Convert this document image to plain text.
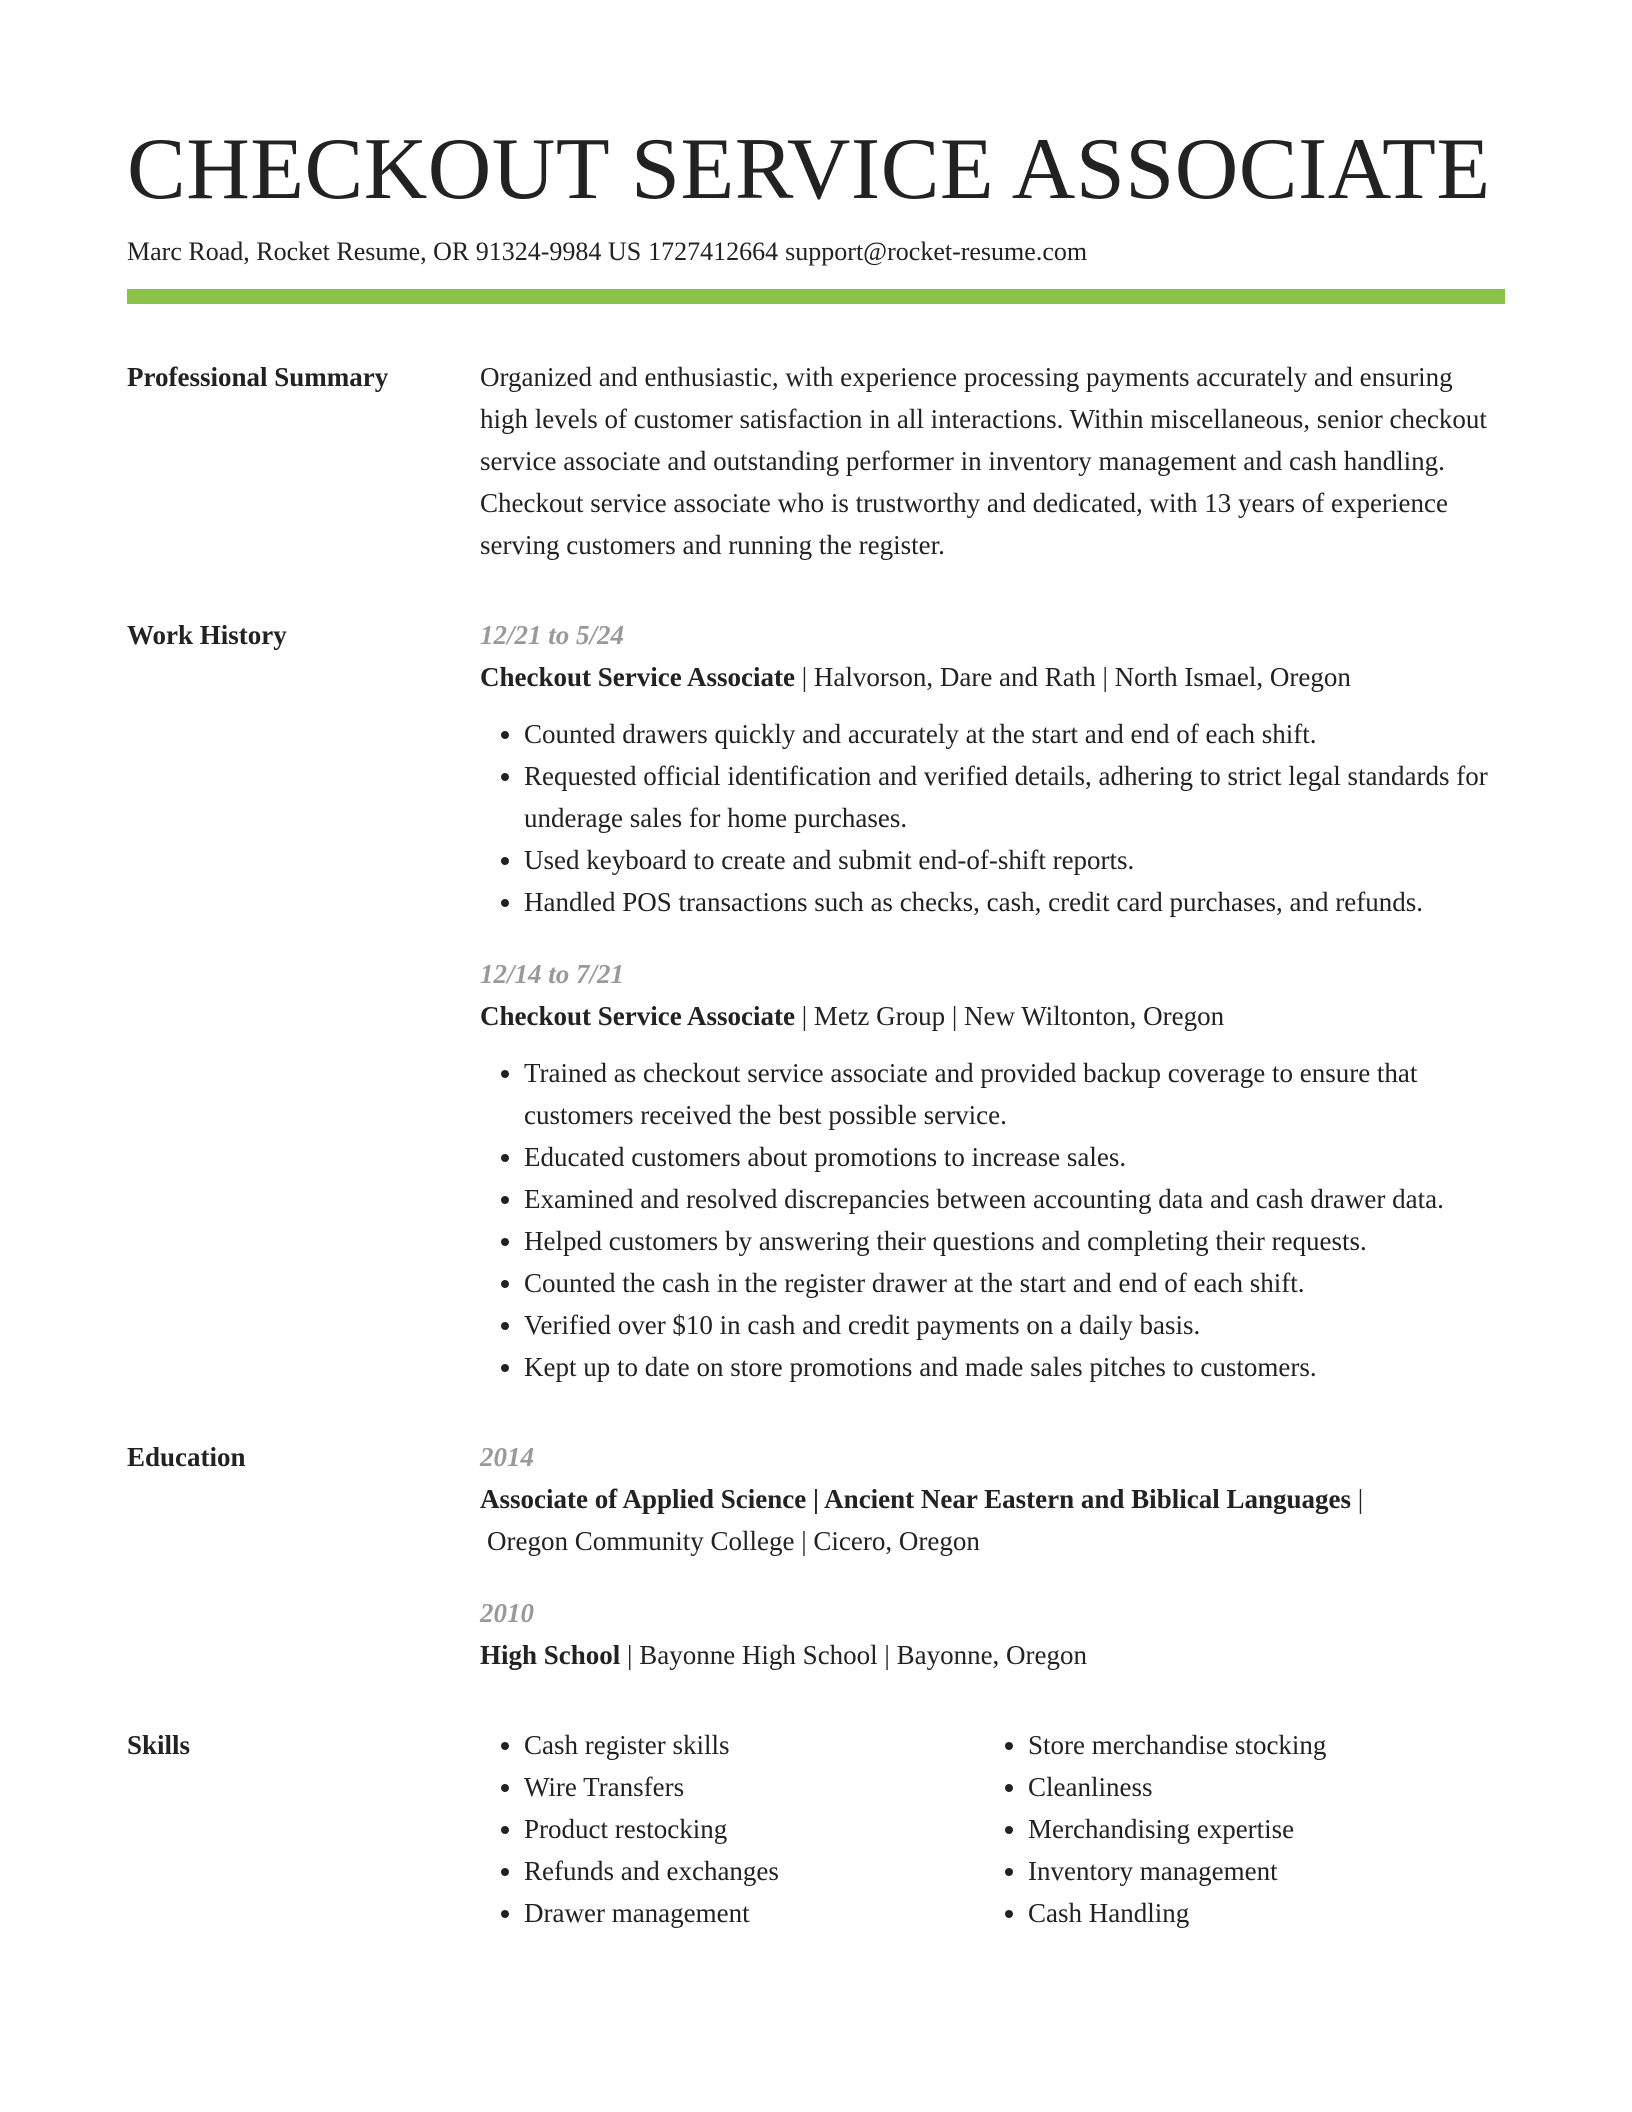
CHECKOUT SERVICE ASSOCIATE
Marc Road, Rocket Resume, OR 91324-9984 US 1727412664 support@rocket-resume.com
Professional Summary	Organized and enthusiastic, with experience processing payments accurately and ensuring high levels of customer satisfaction in all interactions. Within miscellaneous, senior checkout service associate and outstanding performer in inventory management and cash handling. Checkout service associate who is trustworthy and dedicated, with 13 years of experience serving customers and running the register.

Work History	12/21 to 5/24
Checkout Service Associate | Halvorson, Dare and Rath | North Ismael, Oregon
• Counted drawers quickly and accurately at the start and end of each shift.
• Requested official identification and verified details, adhering to strict legal standards for underage sales for home purchases.
• Used keyboard to create and submit end-of-shift reports.
• Handled POS transactions such as checks, cash, credit card purchases, and refunds.
12/14 to 7/21
Checkout Service Associate | Metz Group | New Wiltonton, Oregon
• Trained as checkout service associate and provided backup coverage to ensure that customers received the best possible service.
• Educated customers about promotions to increase sales.
• Examined and resolved discrepancies between accounting data and cash drawer data.
• Helped customers by answering their questions and completing their requests.
• Counted the cash in the register drawer at the start and end of each shift.
• Verified over $10 in cash and credit payments on a daily basis.
• Kept up to date on store promotions and made sales pitches to customers.
Education	2014
Associate of Applied Science | Ancient Near Eastern and Biblical Languages |
Oregon Community College | Cicero, Oregon
2010
High School | Bayonne High School | Bayonne, Oregon
Skills
•	Cash register skills
• Wire Transfers
• Product restocking
• Refunds and exchanges
• Drawer management
• Store merchandise stocking
• Cleanliness
• Merchandising expertise
• Inventory management
• Cash Handling
